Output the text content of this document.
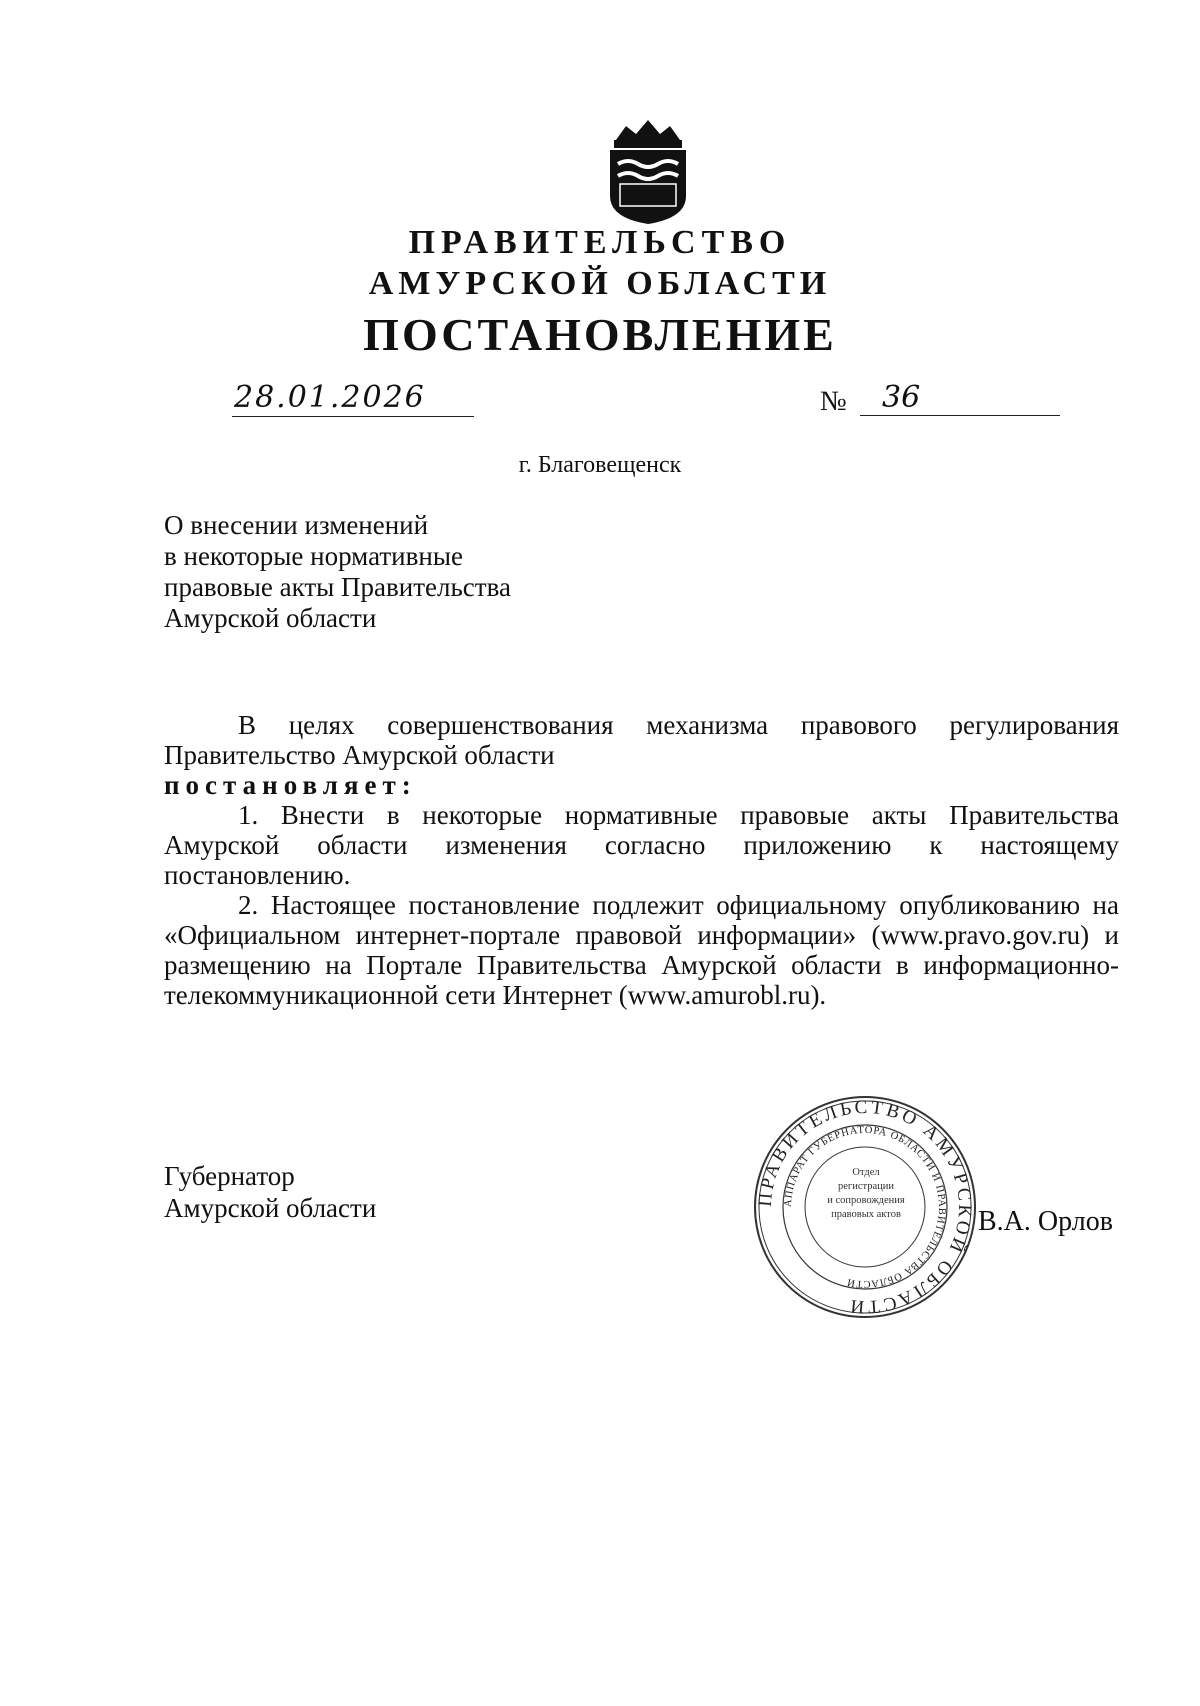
ПРАВИТЕЛЬСТВО
АМУРСКОЙ ОБЛАСТИ
ПОСТАНОВЛЕНИЕ
28.01.2026	№	36
г. Благовещенск
О внесении изменений
в некоторые нормативные
правовые акты Правительства
Амурской области
В целях совершенствования механизма правового регулирования
Правительство Амурской области
постановляет:
1. Внести в некоторые нормативные правовые акты Правительства Амурской области изменения согласно приложению к настоящему постановлению.
2. Настоящее постановление подлежит официальному опубликованию на «Официальном интернет-портале правовой информации» (www.pravo.gov.ru) и размещению на Портале Правительства Амурской области в информационно-телекоммуникационной сети Интернет (www.amurobl.ru).
Губернатор
Амурской области	ПРАВИТЕЛЬСТВО АМУРСКОЙ ОБЛАСТИ
АППАРАТ ГУБЕРНАТОРА ОБЛАСТИ И ПРАВИТЕЛЬСТВА ОБЛАСТИ
Отдел
регистрации
и сопровождения
правовых актов	В.А. Орлов
